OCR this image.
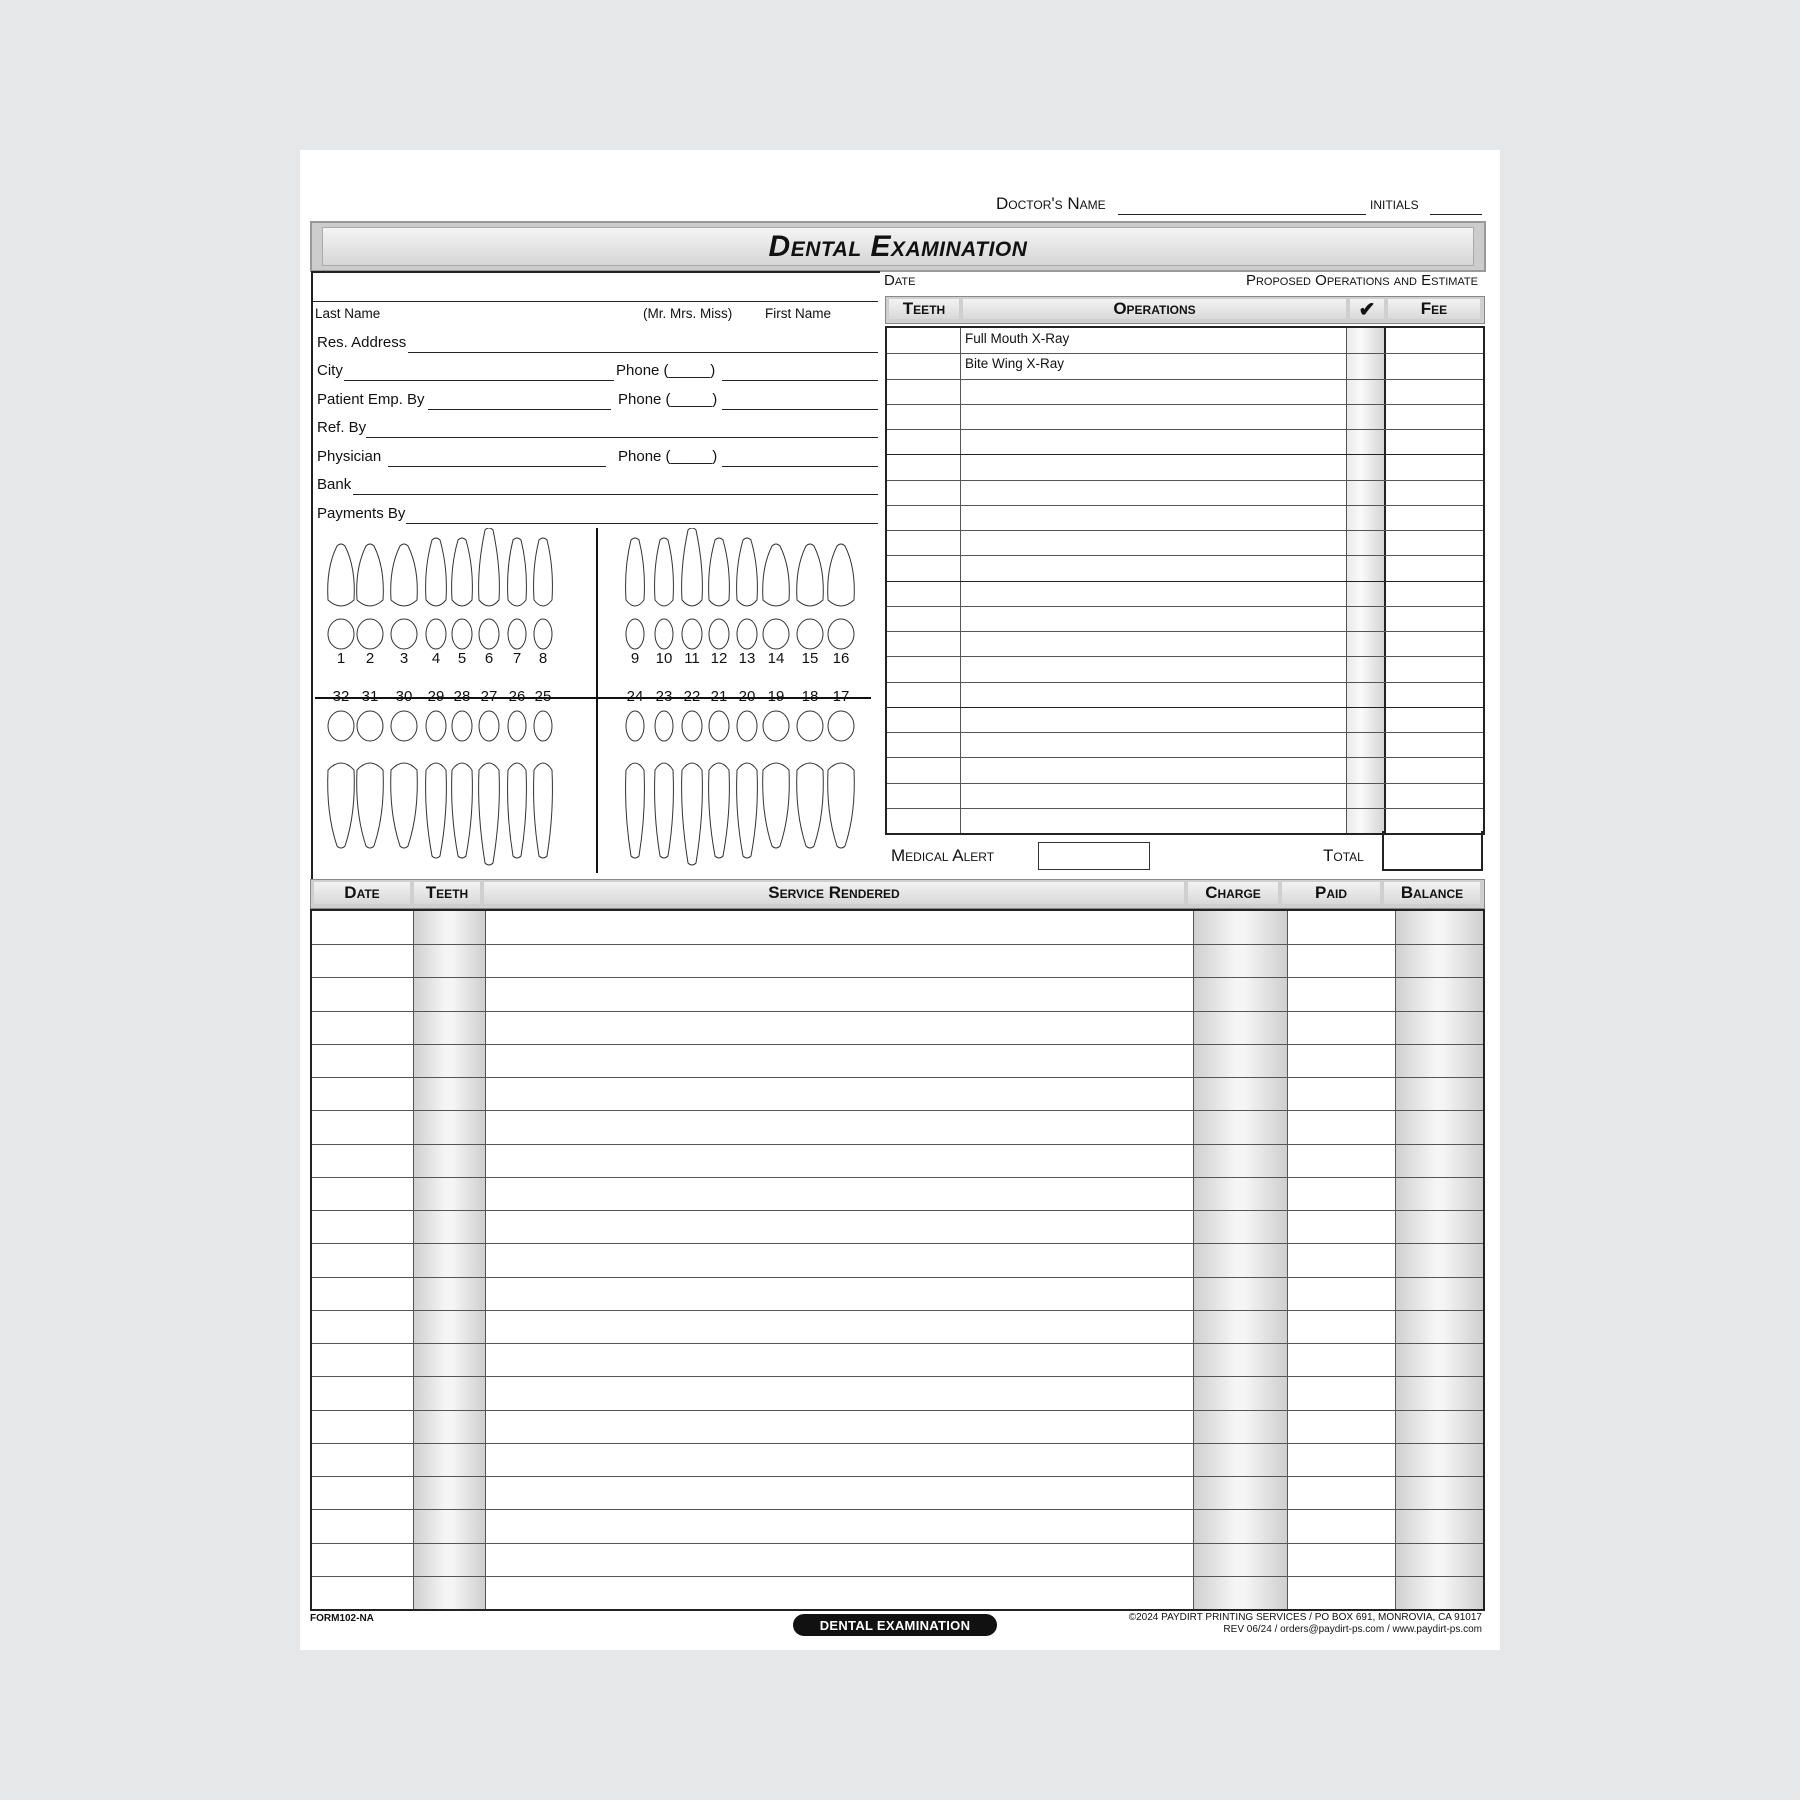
Doctor's Name	initials
Dental Examination
Last Name	(Mr. Mrs. Miss) First Name
Res. Address
City	Phone (_____)
Patient Emp. By	Phone (_____)
Ref. By
Physician	Phone (_____)
Bank
Payments By
Date	Proposed Operations and Estimate
1	2	3	4	5	6	7	8	9	10 11 12 13 14 15 16
32 31 30 29 28 27 26 25	24 23 22 21 20 19 18 17
Teeth	Operations	✔	Fee
Full Mouth X-Ray
Bite Wing X-Ray
Medical Alert	Total
Date	Teeth	Service Rendered	Charge	Paid	Balance
FORM102-NA	DENTAL EXAMINATION	©2024 PAYDIRT PRINTING SERVICES / PO BOX 691, MONROVIA, CA 91017
REV 06/24 / orders@paydirt-ps.com / www.paydirt-ps.com
